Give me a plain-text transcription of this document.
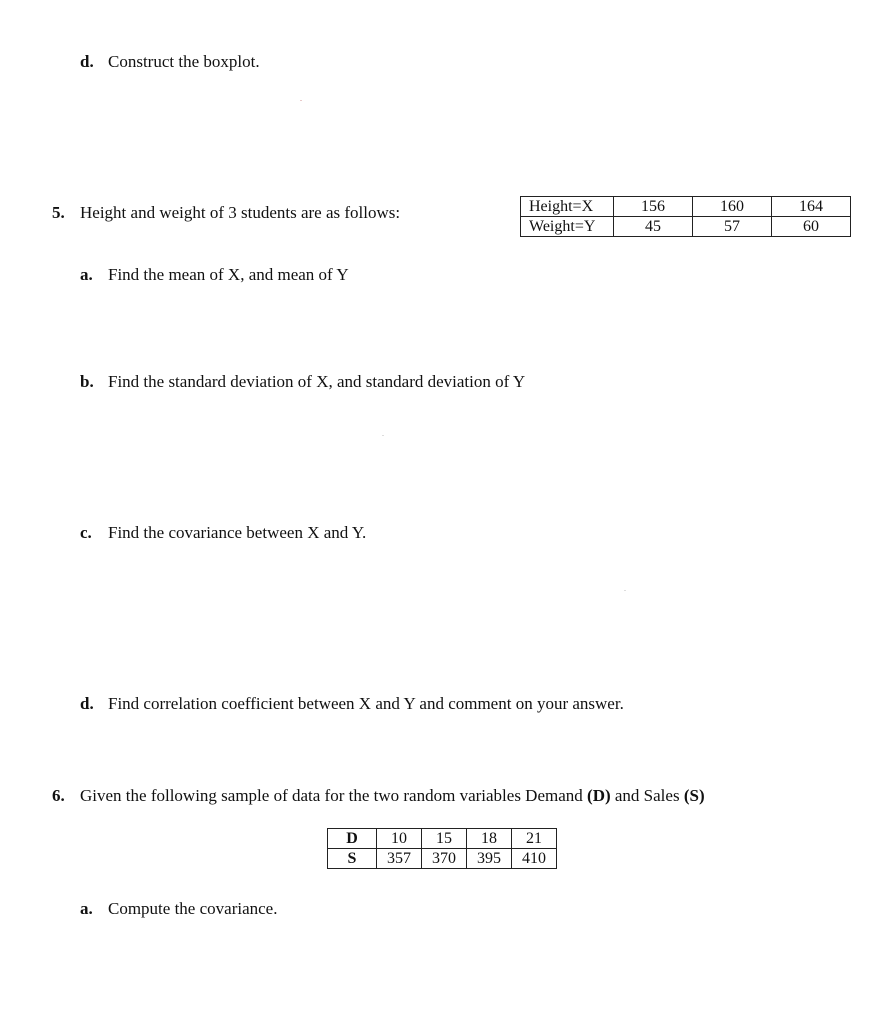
d. Construct the boxplot.
5. Height and weight of 3 students are as follows:	Height=X	156	160	164
Weight=Y	45	57	60
a. Find the mean of X, and mean of Y
b. Find the standard deviation of X, and standard deviation of Y
c. Find the covariance between X and Y.
d. Find correlation coefficient between X and Y and comment on your answer.
6. Given the following sample of data for the two random variables Demand (D) and Sales (S)
D	10	15	18	21
S	357	370	395	410
a. Compute the covariance.
